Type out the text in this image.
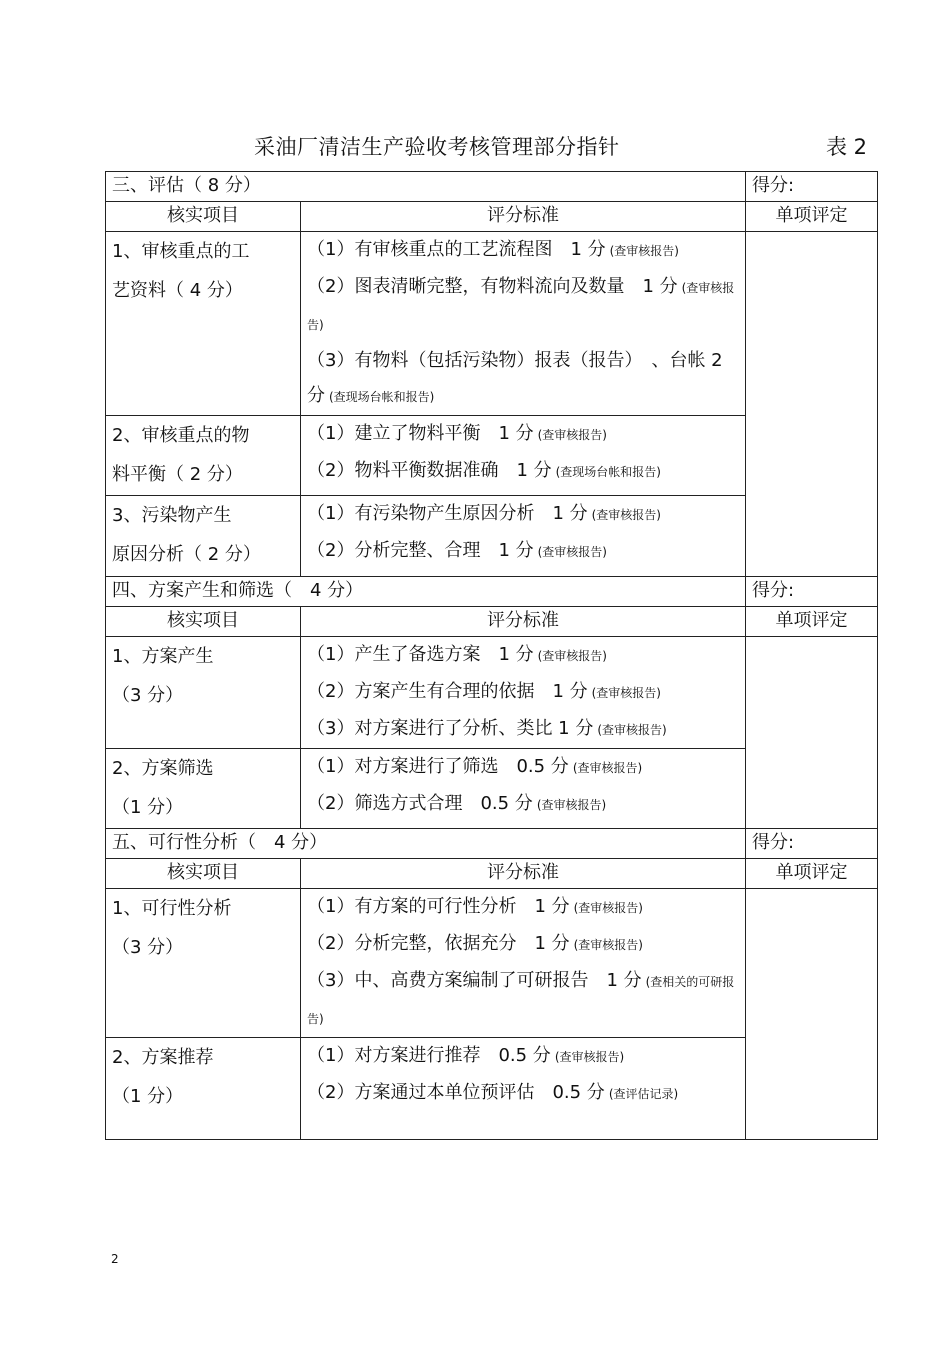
采油厂清洁生产验收考核管理部分指针	表 2
三、评估（ 8 分）		得分:
核实项目	评分标准	单项评定

1、审核重点的工
艺资料（ 4 分）	（1）有审核重点的工艺流程图　1 分 (查审核报告)
（2）图表清晰完整，有物料流向及数量　1 分 (查审核报告)
（3）有物料（包括污染物）报表（报告）　、台帐 2 分 (查现场台帐和报告)	

2、审核重点的物
料平衡（ 2 分）	（1）建立了物料平衡　1 分 (查审核报告)
（2）物料平衡数据准确　1 分 (查现场台帐和报告)	

3、污染物产生
原因分析（ 2 分）	（1）有污染物产生原因分析　1 分 (查审核报告)
（2）分析完整、合理　1 分 (查审核报告)	

四、方案产生和筛选（　4 分）		得分:
核实项目	评分标准	单项评定

1、方案产生
（3 分）	（1）产生了备选方案　1 分 (查审核报告)
（2）方案产生有合理的依据　1 分 (查审核报告)
（3）对方案进行了分析、类比 1 分 (查审核报告)	

2、方案筛选
（1 分）	（1）对方案进行了筛选　0.5 分 (查审核报告)
（2）筛选方式合理　0.5 分 (查审核报告)	

五、可行性分析（　4 分）		得分:
核实项目	评分标准	单项评定

1、可行性分析
（3 分）	（1）有方案的可行性分析　1 分 (查审核报告)
（2）分析完整，依据充分　1 分 (查审核报告)
（3）中、高费方案编制了可研报告　1 分 (查相关的可研报告)	

2、方案推荐
（1 分）	（1）对方案进行推荐　0.5 分 (查审核报告)
（2）方案通过本单位预评估　0.5 分 (查评估记录)	
2
